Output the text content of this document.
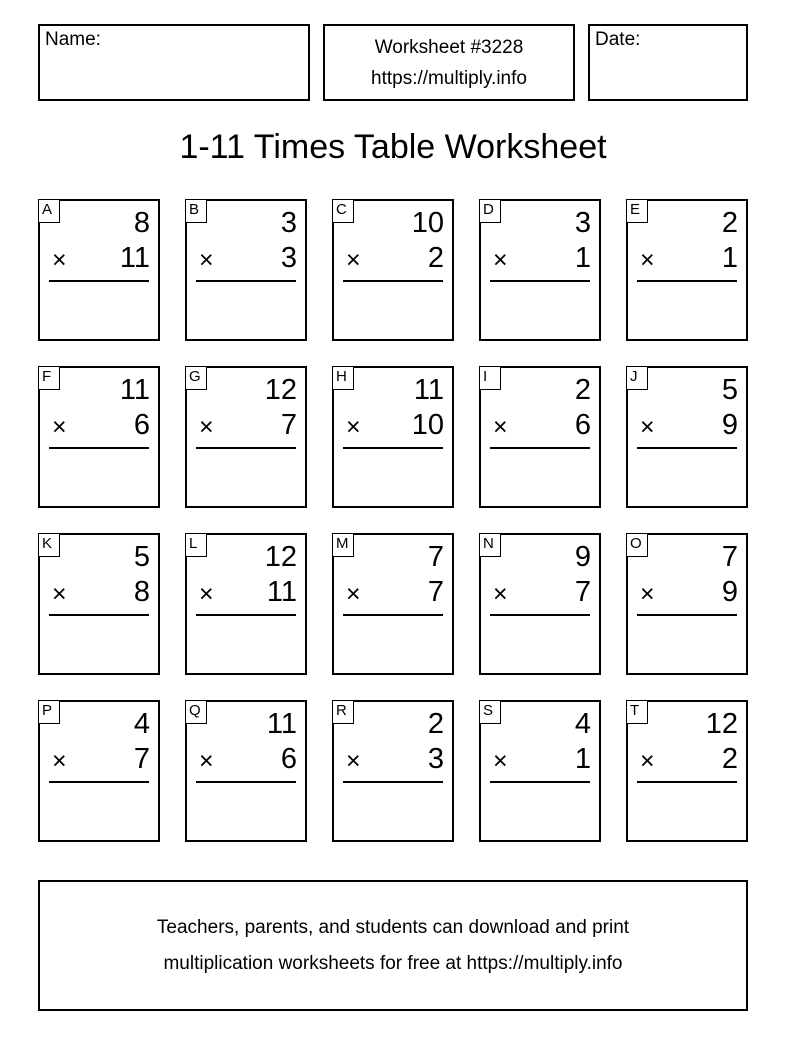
Name:	Worksheet #3228
https://multiply.info
Date:
1-11 Times Table Worksheet
A	8
× 11
B	3
× 3
C 10
× 2
D	3
× 1
E	2
× 1
F	11
× 6
G 12
× 7
H 11
× 10
I	2
× 6
J	5
× 9
K	5
× 8
L	12
× 11
M	7
× 7
N	9
× 7
O	7
× 9
P	4
× 7
Q 11
× 6
R	2
× 3
S	4
× 1
T	12
× 2
Teachers, parents, and students can download and print
multiplication worksheets for free at https://multiply.info
